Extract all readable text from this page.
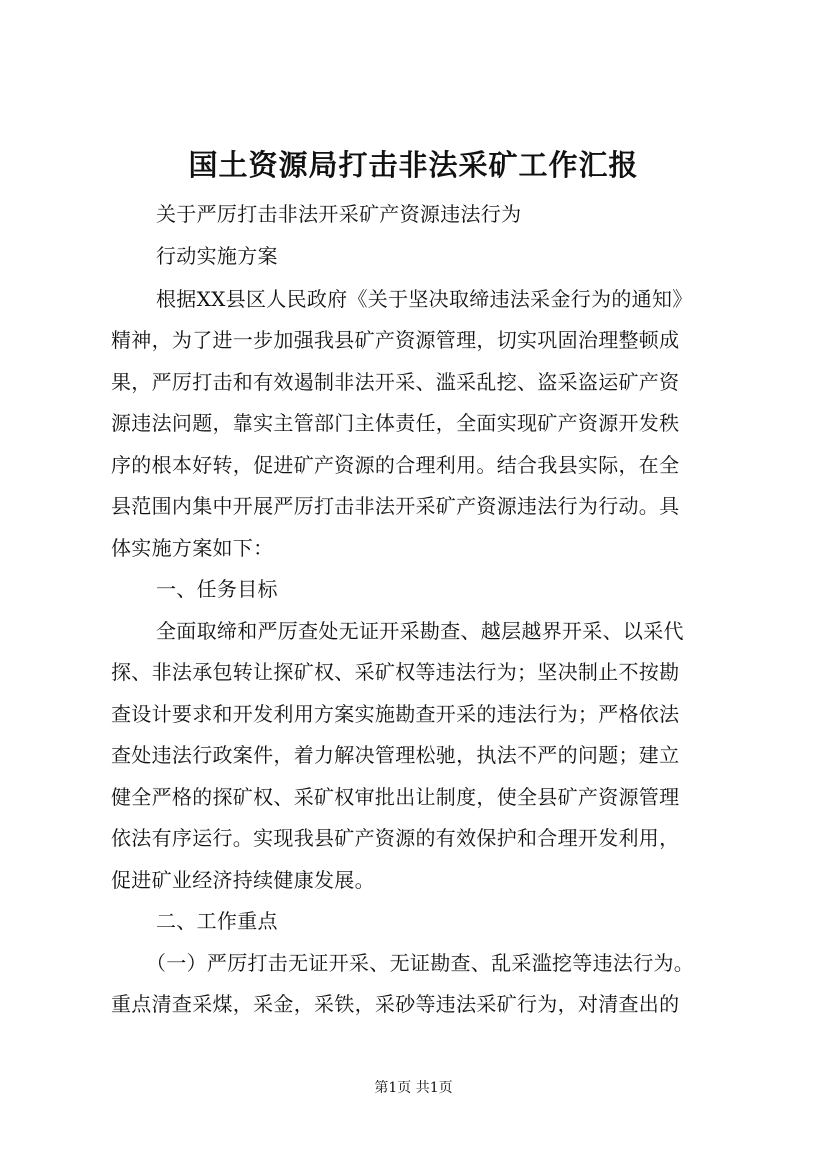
国土资源局打击非法采矿工作汇报

关于严厉打击非法开采矿产资源违法行为

行动实施方案

根据XX县区人民政府《关于坚决取缔违法采金行为的通知》

精神，为了进一步加强我县矿产资源管理，切实巩固治理整顿成

果，严厉打击和有效遏制非法开采、滥采乱挖、盗采盗运矿产资

源违法问题，靠实主管部门主体责任，全面实现矿产资源开发秩

序的根本好转，促进矿产资源的合理利用。结合我县实际，在全

县范围内集中开展严厉打击非法开采矿产资源违法行为行动。具

体实施方案如下：

一、任务目标

全面取缔和严厉查处无证开采勘查、越层越界开采、以采代

探、非法承包转让探矿权、采矿权等违法行为；坚决制止不按勘

查设计要求和开发利用方案实施勘查开采的违法行为；严格依法

查处违法行政案件，着力解决管理松驰，执法不严的问题；建立

健全严格的探矿权、采矿权审批出让制度，使全县矿产资源管理

依法有序运行。实现我县矿产资源的有效保护和合理开发利用，

促进矿业经济持续健康发展。

二、工作重点

（一）严厉打击无证开采、无证勘查、乱采滥挖等违法行为。

重点清查采煤，采金，采铁，采砂等违法采矿行为，对清查出的

第1页 共1页
